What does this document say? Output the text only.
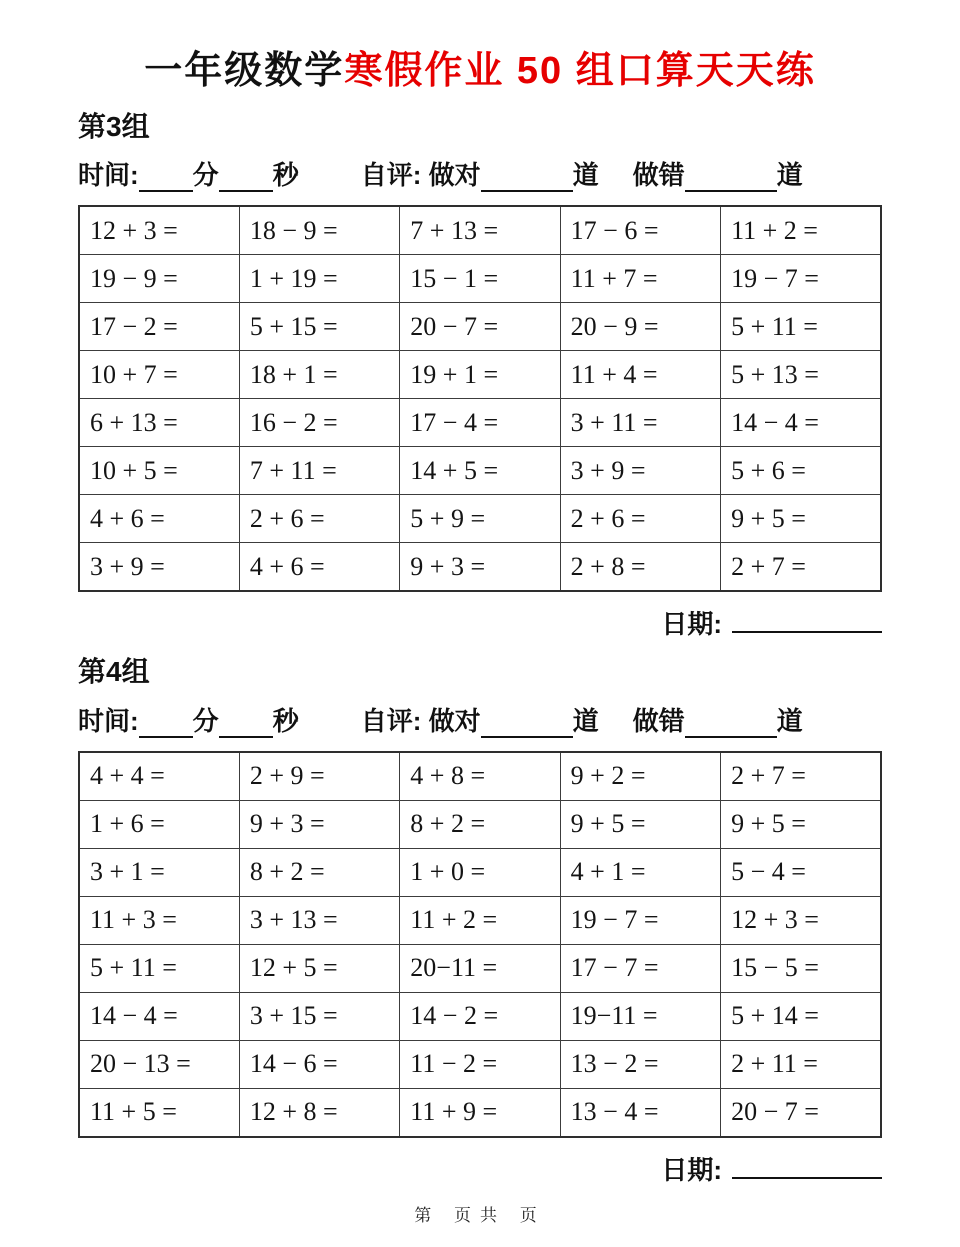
一年级数学寒假作业 50 组口算天天练
第3组
时间: 分 秒 自评: 做对	道 做错	道
12 + 3 =	18 − 9 =	7 + 13 =	17 − 6 =	11 + 2 =
19 − 9 =	1 + 19 =	15 − 1 =	11 + 7 =	19 − 7 =
17 − 2 =	5 + 15 =	20 − 7 =	20 − 9 =	5 + 11 =
10 + 7 =	18 + 1 =	19 + 1 =	11 + 4 =	5 + 13 =
6 + 13 =	16 − 2 =	17 − 4 =	3 + 11 =	14 − 4 =
10 + 5 =	7 + 11 =	14 + 5 =	3 + 9 =	5 + 6 =
4 + 6 =	2 + 6 =	5 + 9 =	2 + 6 =	9 + 5 =
3 + 9 =	4 + 6 =	9 + 3 =	2 + 8 =	2 + 7 =
日期:
第4组
时间: 分 秒 自评: 做对	道 做错	道
4 + 4 =	2 + 9 =	4 + 8 =	9 + 2 =	2 + 7 =
1 + 6 =	9 + 3 =	8 + 2 =	9 + 5 =	9 + 5 =
3 + 1 =	8 + 2 =	1 + 0 =	4 + 1 =	5 − 4 =
11 + 3 =	3 + 13 =	11 + 2 =	19 − 7 =	12 + 3 =
5 + 11 =	12 + 5 =	20−11 =	17 − 7 =	15 − 5 =
14 − 4 =	3 + 15 =	14 − 2 =	19−11 =	5 + 14 =
20 − 13 =	14 − 6 =	11 − 2 =	13 − 2 =	2 + 11 =
11 + 5 =	12 + 8 =	11 + 9 =	13 − 4 =	20 − 7 =
日期:
第 页共 页
